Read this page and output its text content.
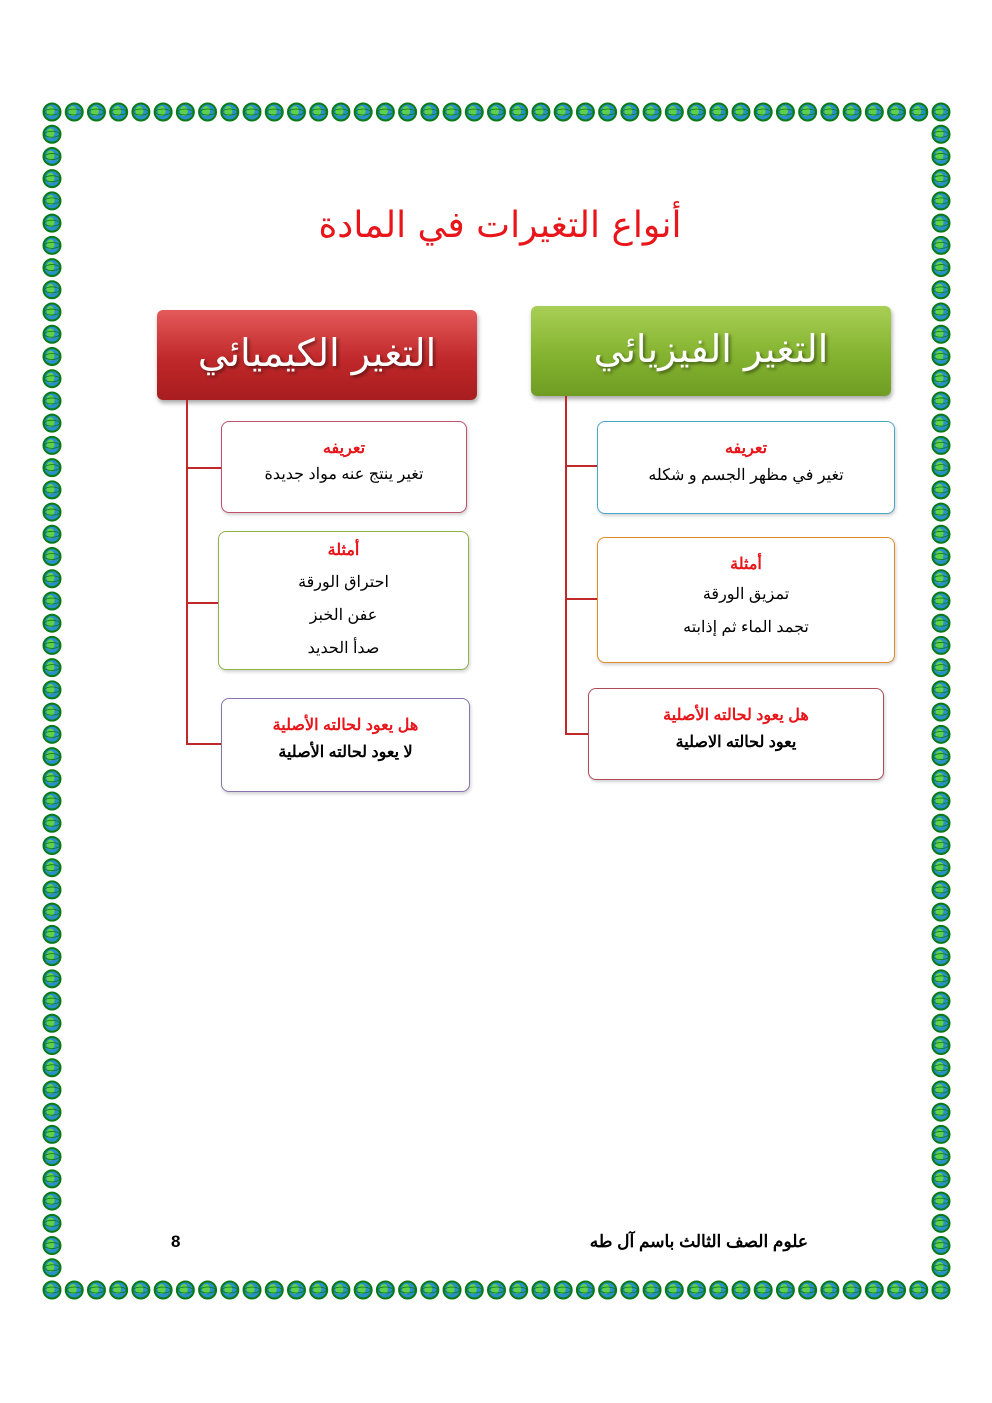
أنواع التغيرات في المادة
التغير الكيميائي
تعريفه
تغير ينتج عنه مواد جديدة
أمثلة
احتراق الورقة
عفن الخبز
صدأ الحديد
هل يعود لحالته الأصلية
لا يعود لحالته الأصلية
التغير الفيزيائي
تعريفه
تغير في مظهر الجسم و شكله
أمثلة
تمزيق الورقة
تجمد الماء ثم إذابته
هل يعود لحالته الأصلية
يعود لحالته الاصلية
8	علوم الصف الثالث باسم آل طه
